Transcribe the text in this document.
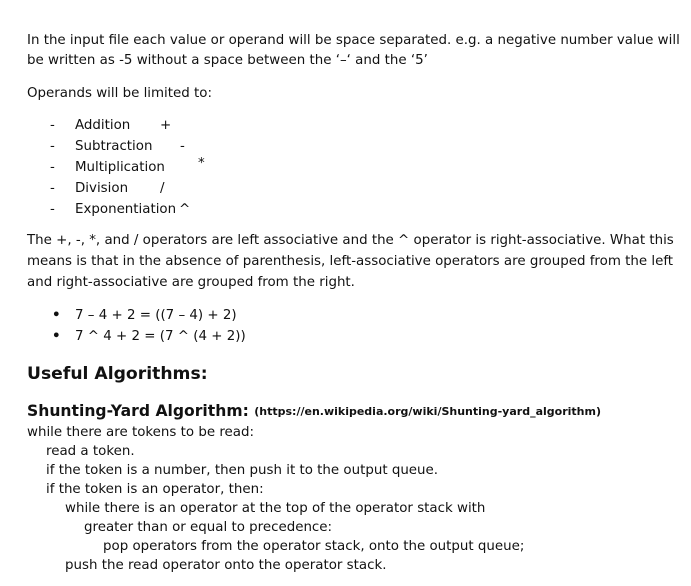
In the input file each value or operand will be space separated. e.g. a negative number value will
be written as -5 without a space between the ‘–‘ and the ‘5’
Operands will be limited to:
- Addition +
- Subtraction -
- Multiplication *
- Division /
- Exponentiation ^
The +, -, *, and / operators are left associative and the ^ operator is right-associative. What this
means is that in the absence of parenthesis, left-associative operators are grouped from the left
and right-associative are grouped from the right.
• 7 – 4 + 2 = ((7 – 4) + 2)
• 7 ^ 4 + 2 = (7 ^ (4 + 2))
Useful Algorithms:
Shunting-Yard Algorithm: (https://en.wikipedia.org/wiki/Shunting-yard_algorithm)
while there are tokens to be read:
read a token.
if the token is a number, then push it to the output queue.
if the token is an operator, then:
while there is an operator at the top of the operator stack with
greater than or equal to precedence:
pop operators from the operator stack, onto the output queue;
push the read operator onto the operator stack.
